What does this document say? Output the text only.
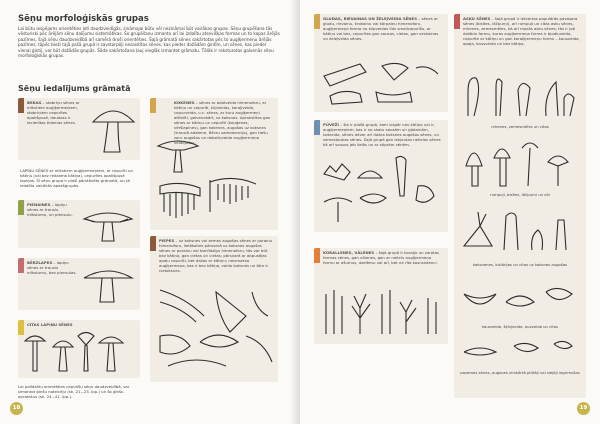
Sēņu morfoloģiskās grupas
Lai būtu iespējams orientēties ļoti daudzveidīgās, zināmajai būtu vēl nezināmai būt vairākas grupas. Sēņu grupēšana tās vēsturiski pēc ārējām sēņu dalījumu sistemātikas. Šo grupēšanu izmanto arī lai izdalītu atsevišķas formas un to kopas ārējās pazīmes, šajā sēņu daudzveidībā arī samērā droši orientēties. Šajā grāmatā sēnes sakārtotas pēc to augļķermeņu ārējās pazīmes, tāpēc bieži tajā pašā grupā ir savstarpēji nesaistītas sēnes, kas pieder dažādām ģintīm, un sēnes, kas pieder vienai ģintij, var būt dažādās grupās. Šāda sakārtošana ļauj vieglāk izmantot grāmatu. Tālāk ir raksturotas galvenās sēņu morfoloģiskās grupas.
Sēņu iedalījums grāmatā
BEKAS – stobriņu sēnes ar mīkstiem augļķermeņiem, stobriņiem cepurītes apakšpusē, daudzas ir iecienītas ēdamas sēnes.
LAPIŅU SĒNES ar mīkstiem augļķermeņiem, ar cepurīti un kātiņu (vai bez redzama kātiņa), cepurītes apakšpusē lapiņas. Šī sēņu grupa ir plaši pārstāvēta grāmatā, un tā iedalīta vairākās apakšgrupās.
PIENAINES – lapiņu sēnes ar trauslu mīkstumu, un piensulu.
BĒRZLAPES – lapiņu sēnes ar trauslu mīkstumu, bez piensulas.
CITAS LAPIŅU SĒNES
Lai palīdzētu orientēties cepurīšu sēņu daudzveidībā, var izmantot ģinšu noteicēju (sk. 21.–23. lpp.) un šo ģinšu aprakstus (sk. 24.–41. lpp.).
KOKENES – sēnes ar adatveida himenoforu, ar kātiņu un cepurīti, kūjveidas, koraļļveida, cepurveida, u.c. sēnes, ar kuru augļķermeņi attīstīti, galvenokārt, uz koksnes. Aprakstītas gan sēnes ar kātiņu un cepurīti (koņģenes, vēršlapines), gan kokenes, augošas uz koksnes (trauslā adatene, Bērzu sarkodoncija), gan tiešu zaru augošas un dakstiņveida augļķermeņa veidojošas.
PIEPES – uz koksnes vai zemes augošas sēnes ar porainu himenoforu, lielākoties pārsvarā uz koksnes augošas sēnes ar porainu vai tamlīdzīgu himenoforu, tās var būt bez kātiņa, gan cietas un cietas; pārsvarā ar abpusējas apaļu cepurīti, bet dažas ar kātiņu; neizmaksa augļķermeņa, kas ir bez kātiņa, veido koksnes un tām ir cietoksnes.
18
GLUDAS, RIEVAINAS UN ŽELEJVEIDA SĒNES – sēnes ar gludu, rievainu, krokainu vai kārpainu himenoforu, augļķermeņa forma no kilpveidas līdz smailcepurīšu, ar kātiņu vai bez, cepurītes gan sausas, cietas, gan veskainas un želejveida sēnes.
PŪVEŽI – šie ir plašā grupā, kam vispār nav kātiņa vai ir, augļķermeņiem, kas ir no skatu sausām un gļotainām, lodveida, sēnes ietver arī dažas koksnes augošas sēnes, un zemestaukas sēnes. Šajā grupā gan iekļautas nelielas sēnes kā arī sausos jeb lielās un ar stiprām sēnēm.
KORALLENES, VĀLENES – šajā grupā ir koraļļu un zarotas formas sēnes, gan vālenes, gan ar nelielu augļķermeņa formu ar ašumus, dzeltenu vai arī, bet ne rīta kosnsistenci.
ASKU SĒNES – šajā grupā ir ietvertas populārās pavasara sēnes (bisītes, lāčpurņi), arī rumpuļi un citas asku sēnes, mīrenes, zemesmēles, kā arī mazās asku sēnes; tās ir ļoti dažādu formu, kuras augļķermeņa forma ir bļodiņveida, cepurīte ar kātiņu un gan koralļķermeņu formu – kausveida, apaļa, kausveida un bez kātiņa.
mīrenes, zemesmēles un citas
rumpuļi, bisītes, lāčpurni un citi
koksnenes, kislārijas un citas uz koksnes augošas
kausveida, šķīvjveida, ausveida un citas
pazemes sēnes, augsnes virskārtā plūtāļi vai slejāji iegrimušas
19
